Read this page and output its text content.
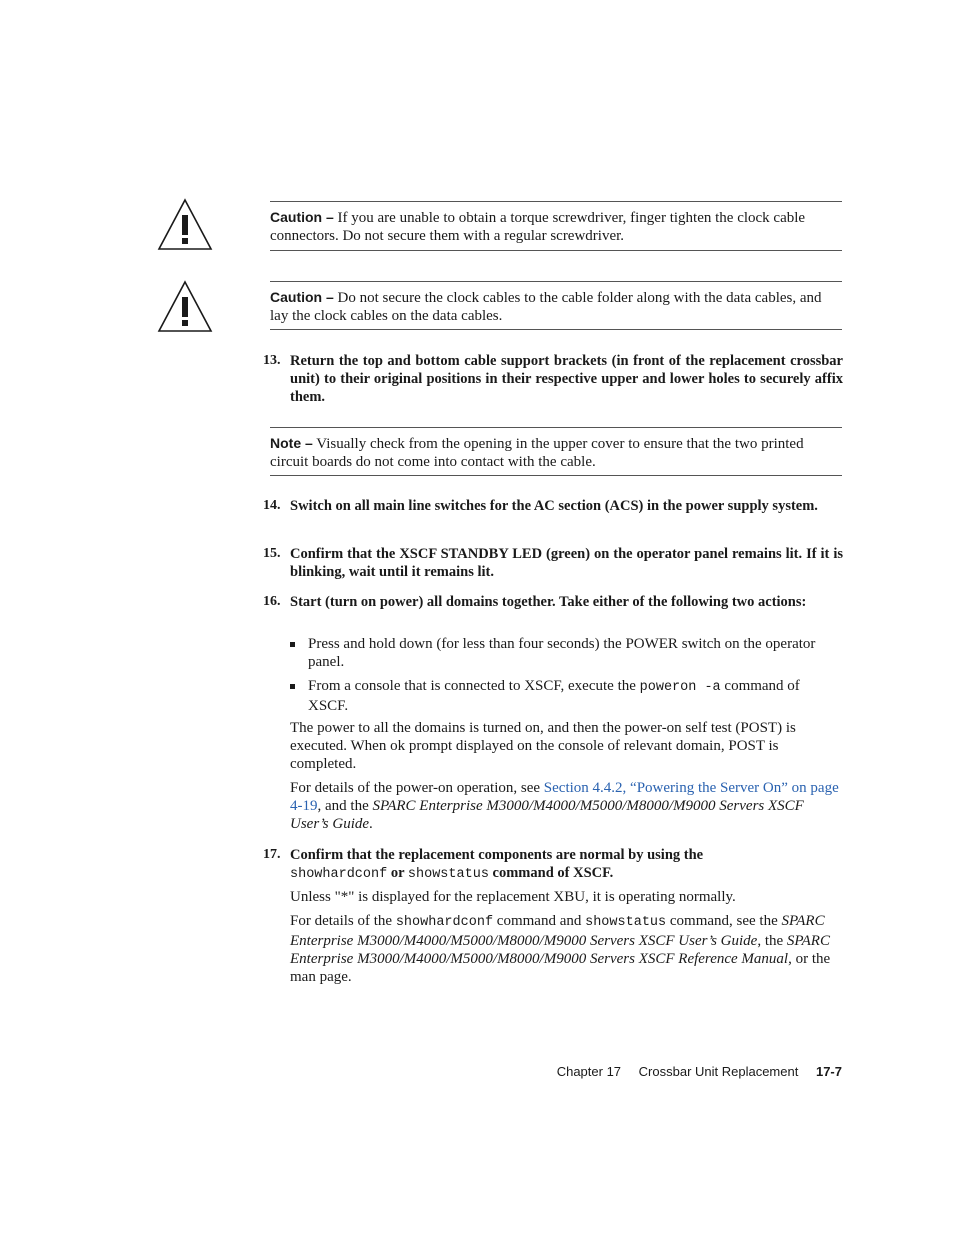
Caution – If you are unable to obtain a torque screwdriver, finger tighten the clock cable connectors. Do not secure them with a regular screwdriver.
Caution – Do not secure the clock cables to the cable folder along with the data cables, and lay the clock cables on the data cables.
13. Return the top and bottom cable support brackets (in front of the replacement crossbar unit) to their original positions in their respective upper and lower holes to securely affix them.
Note – Visually check from the opening in the upper cover to ensure that the two printed circuit boards do not come into contact with the cable.
14. Switch on all main line switches for the AC section (ACS) in the power supply system.
15. Confirm that the XSCF STANDBY LED (green) on the operator panel remains lit. If it is blinking, wait until it remains lit.
16. Start (turn on power) all domains together. Take either of the following two actions:
Press and hold down (for less than four seconds) the POWER switch on the operator panel.
From a console that is connected to XSCF, execute the poweron -a command of XSCF.
The power to all the domains is turned on, and then the power-on self test (POST) is executed. When ok prompt displayed on the console of relevant domain, POST is completed.
For details of the power-on operation, see Section 4.4.2, “Powering the Server On” on page 4-19, and the SPARC Enterprise M3000/M4000/M5000/M8000/M9000 Servers XSCF User’s Guide.
17. Confirm that the replacement components are normal by using the
showhardconf or showstatus command of XSCF.
Unless "*" is displayed for the replacement XBU, it is operating normally.
For details of the showhardconf command and showstatus command, see the SPARC Enterprise M3000/M4000/M5000/M8000/M9000 Servers XSCF User’s Guide, the SPARC Enterprise M3000/M4000/M5000/M8000/M9000 Servers XSCF Reference Manual, or the man page.
Chapter 17 Crossbar Unit Replacement 17-7
